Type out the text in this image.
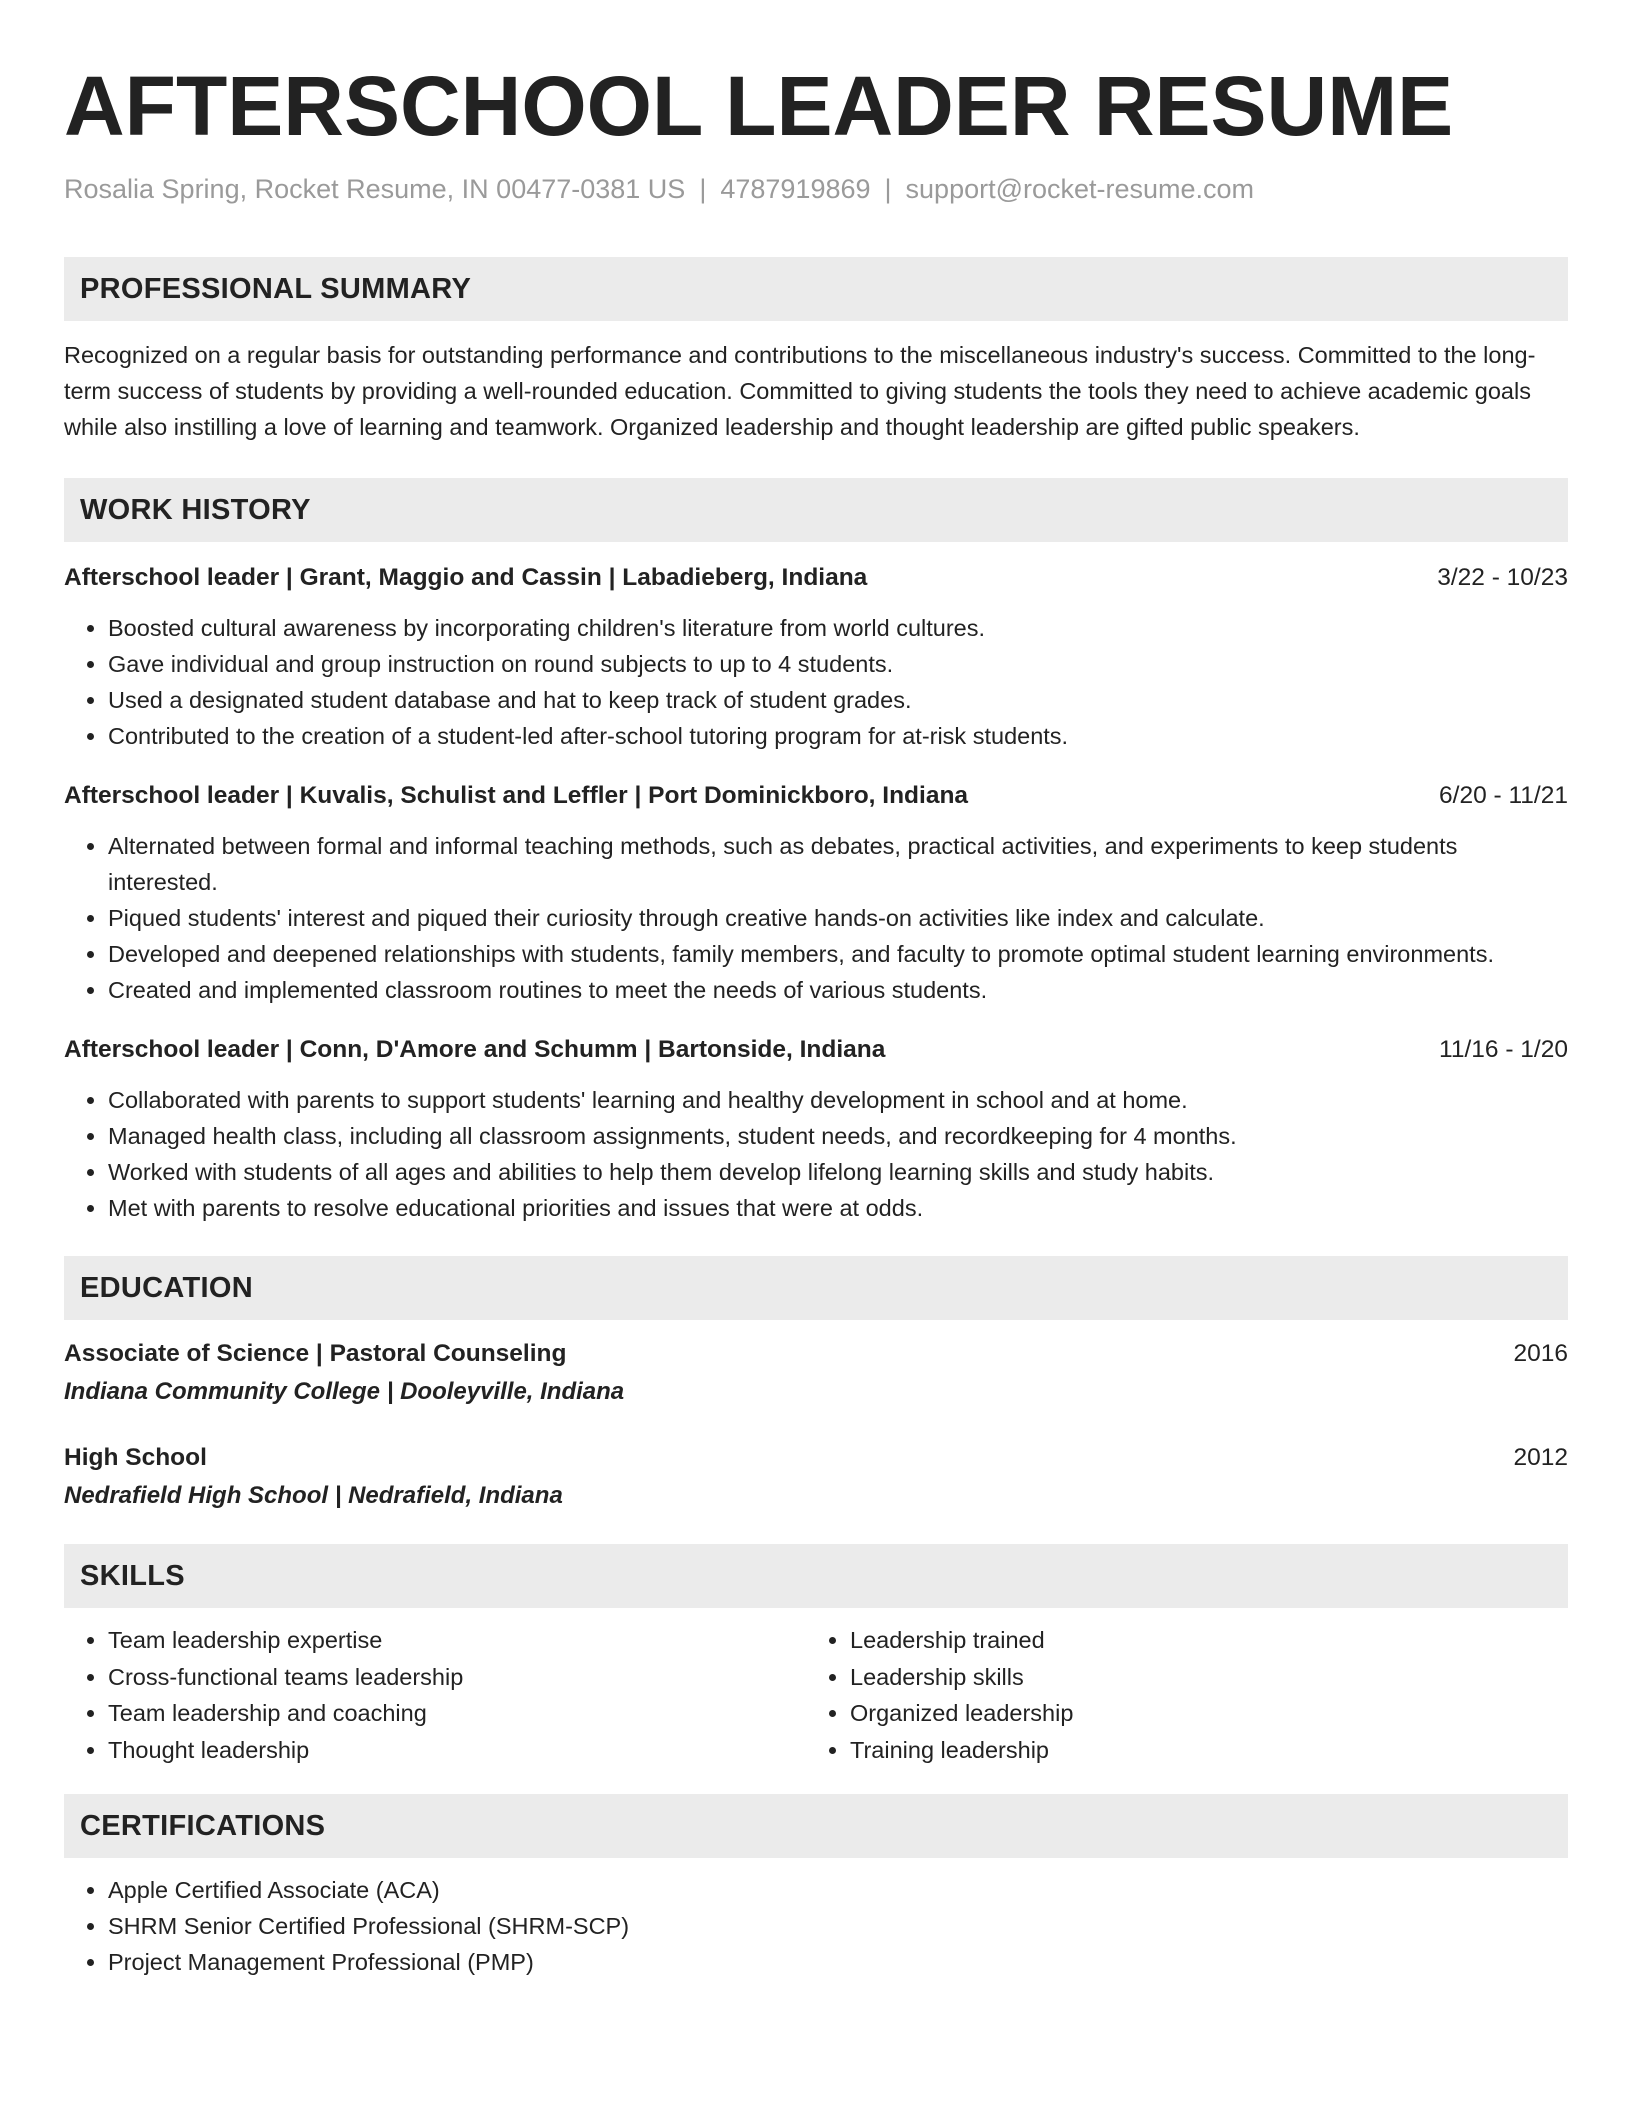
AFTERSCHOOL LEADER RESUME
Rosalia Spring, Rocket Resume, IN 00477-0381 US | 4787919869 | support@rocket-resume.com
PROFESSIONAL SUMMARY

Recognized on a regular basis for outstanding performance and contributions to the miscellaneous industry's success. Committed to the long-term success of students by providing a well-rounded education. Committed to giving students the tools they need to achieve academic goals while also instilling a love of learning and teamwork. Organized leadership and thought leadership are gifted public speakers.

WORK HISTORY
Afterschool leader | Grant, Maggio and Cassin | Labadieberg, Indiana	3/22 - 10/23
• Boosted cultural awareness by incorporating children's literature from world cultures.
• Gave individual and group instruction on round subjects to up to 4 students.
• Used a designated student database and hat to keep track of student grades.
• Contributed to the creation of a student-led after-school tutoring program for at-risk students.
Afterschool leader | Kuvalis, Schulist and Leffler | Port Dominickboro, Indiana	6/20 - 11/21
• Alternated between formal and informal teaching methods, such as debates, practical activities, and experiments to keep students interested.
• Piqued students' interest and piqued their curiosity through creative hands-on activities like index and calculate.
• Developed and deepened relationships with students, family members, and faculty to promote optimal student learning environments.
• Created and implemented classroom routines to meet the needs of various students.
Afterschool leader | Conn, D'Amore and Schumm | Bartonside, Indiana	11/16 - 1/20
• Collaborated with parents to support students' learning and healthy development in school and at home.
• Managed health class, including all classroom assignments, student needs, and recordkeeping for 4 months.
• Worked with students of all ages and abilities to help them develop lifelong learning skills and study habits.
• Met with parents to resolve educational priorities and issues that were at odds.
EDUCATION
Associate of Science | Pastoral Counseling	2016
Indiana Community College | Dooleyville, Indiana
High School	2012
Nedrafield High School | Nedrafield, Indiana
SKILLS
• Team leadership expertise
• Cross-functional teams leadership
• Team leadership and coaching
• Thought leadership
• Leadership trained
• Leadership skills
• Organized leadership
• Training leadership
CERTIFICATIONS
• Apple Certified Associate (ACA)
• SHRM Senior Certified Professional (SHRM-SCP)
• Project Management Professional (PMP)
